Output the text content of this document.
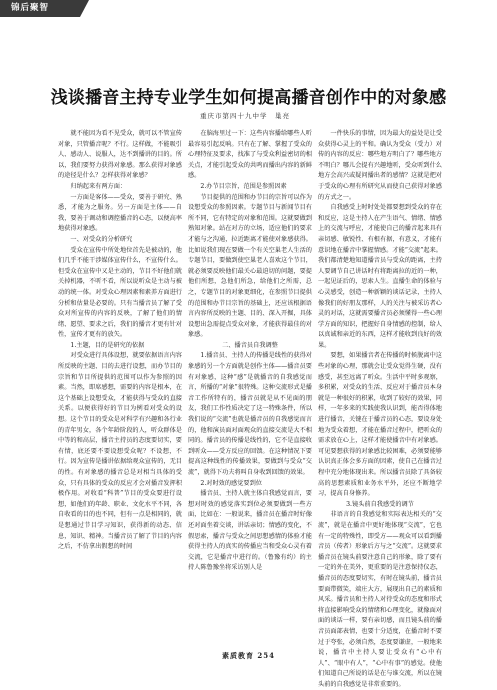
锦后聚智
浅谈播音主持专业学生如何提高播音创作中的对象感
重庆市第四十九中学　巢亮

就不能因为看不见受众，就可以不管宣传对象，只管播音呢？不行。这样做，不能吸引人、感动人、说服人，达不到播讲的目的。所以，我们要努力获得对象感。那么获得对象感的途径是什么？怎样获得对象感？

归纳起来有两方面：

一方面是客体——受众，要善于研究、熟悉，才能为之服务。另一方面是主体——自我，要善于调动和调控播音的心态，以便高率地获得对象感。

一、对受众的分析研究

受众在宣传中所处地位首先是被动的，他们几乎不能干涉媒体宣传什么，不宣传什么。但受众在宣传中又是主动的，节目不好他们就关掉机器，不听不看，所以说听众是主动与被动的统一体。对受众心理因素和素养方面进行分析和估量是必要的。只有当播音员了解了受众对所宣传的内容的反映，了解了他们的情绪、愿望、要求之后，我们的播音才更有针对性，宣传才更有的放矢。

1.主题，目的是研究的依据

对受众进行具体设想，就要依据语言内容所反映的主题、目的去进行设想，而办节目的宗旨和节目所提供的范围可以作为参照的因素。当然，即席感想，需要的内容是根本，在这个基础上设想受众，才能获得与受众的直接关系。以便获得好的节目为例看对受众的设想。这个节目的受众是对科学有兴趣和各行业的青年男女，各个年龄阶段的人，听众群体是中等的和高层，播音主持员的态度要切实，要有情，底还要不要设想受众呢？不设想，不行。因为宣传是播讲依据给观众宣传的，无目的性。有对象感的播音总是对相当具体的受众，只有具体的受众的反应才会对播音发挥积极作用。对收看“科普”节目的受众要进行设想，如他们的年龄、职业、文化水平不同，各自收看的目的也不同，但有一点是相同的，就是想通过节目学习知识，获得新的动态、信息，知识、精神。当播音员了解了节目的内容之后，不仿拿出假想的时间

在脑海里过一下：这些内容播给哪些人听最容易引起反响。只有在了解、掌握了受众的心理特征及要求，找准了与受众利益密切的相关点，才能引起受众的共鸣而播出内容的新鲜感。

2.办节目宗旨，范围是参照因素

节目提供的范围和办节目的宗旨可以作为设想受众的参照因素。专题节目与新闻节目有所不同，它有特定的对象和范围。这就要做到熟知对象。站在对方的立场，适应他们的要求才能与之沟通，拉近距离才能使对象感获得。比如说我们现在要做一个有关空巢老人生活的专题节目，要做到使空巢老人喜欢这个节目，就必须要反映他们最关心最迫切的问题，要提他们所想，急他们所急，给他们之所需，总之，专题节目的对象更细化，在参照节目提供的范围和办节目宗旨的基础上，还应该根据语言内容所反映的主题、目的、深入开掘，具体设想出急需提点受众对象，才能获得最佳的对象感。

二、播音员自我调整

1.播音员、主持人的传播是线性的获得对象感的另一个方面就是创作主体——播音员要有对象感，这种“感”是就播音的自我感觉而言，所播的“对象”很特殊。这种交流形式是播音工作所特有的，播音员就是从不见面的朋友，我们工作性质决定了这一特殊条件，所以我们说的“交流”也就是播音员的自我感觉而言的，他和演员面对面观众的直接交流是大不相同的。播音员的传播是线性的，它不是直接收到听众——受方反应的回馈。在这种情况下要提高这种线性的传播效果，要做到与受众“交流”，就得下功夫将叫自身收到回馈的效果。

2.对时效的感觉要到位

播音员、主持人就主体自我感觉而言，要想对时效的感觉落实到位必须要做到一些方面，比如在：一般说来，播音员在播音时好像还对面坐着交谈，讲话亲切；情感的变化，不假思索，播音与受众之间思想感情的体验才能获得主持人的真实的传播应当和受众心灵有着交流，它是播音中进行的。（鲁豫有约）的主持人陈鲁豫坐将采访别人是

一件快乐的事情，因为最大的益处是让受众获得心灵上的平和。确认为受众（受力）对传的内容的反应：哪些地方明白了？哪些地方不明白？哪儿会提有兴趣地听，受众听到什么地方会高兴或疑问播出者的感情？这就是把对于受众的心理有所研究从而使自己获得对象感的方式之一。

自我感受上时时处处都要想到受众的存在和反应，这是主持人在产生语气、情绪、情感上的交流与呼应，才能使自己的播音起来具有亲切感、敏锐性、有根有据，有意义，才能有意识地在播音中掌握情感。才能“交流”起来。我们都清楚地知道播音员与受众的距离，主持人要调节自己讲话时有将距离拉的近的一种，一起见证后的，思索人生。直播生命的体验与心灵感受，创造一种新颖的谈话记录，主持人像我们的好朋友那样，人的关注与被采访者心灵的对话，这就需要播音员必须懂得一些心理学方面的知识，把握好自身情感的控制，给人以真诚和亲近的东西，这样才能收到良好的效果。

要想，如果播音者在传播的时候脱离中这些对象的心理，那就会让受众觉得生硬，没有感受，甚至远离了听众。生活中平时多观察，多积累，对受众的生活、反应对于播音员本身就是一种很好的积累，收到了较好的效果，同样，一年多来的实践使我认识到，能否得体地进行播音，关键在于播音员的心态，要设身处地为受众着想，才能在播音过程中，把听众的需求放在心上，这样才能使播音中有对象感。可见要想获得的对象感比较困难，必须要能够认识真正体会多方面的因素，使自己在播音过程中充分地体现出来。所以播音员除了具备较高的思想素质和业务水平外，还应不断地学习，提高自身修养。

3.镜头前自我感受的调节

非语言的自我感觉和实际表达相关的“交流”，就是在播音中更好地体现“交流”，它也有一定的特殊性，即受方——观众可以看到播音员（传者）形象后方与之“交流”。这就要求播音员在镜头前要注意自己的形象，除了要有一定的外在美外，更重要的是注意保持仪态，播音员的态度要切实，有时在镜头前，播音员要面带微笑，端庄大方，展现出自己的素质和风采。播音员和主持人对待受众的态度和形式将直接影响受众的情绪和心理变化，就像面对面的谈话一样，要有亲切感，而且镜头前的播音员面部表情，也要十分适度，在播音时不要过于夸张，必须自然，态度要谦虚，一般地来说，播音中主持人要让受众有“心中有人”、“眼中有人”，“心中有事”的感觉。使他们知道自己所说的话是在与谁交流，所以在镜头前的自我感觉是非常重要的。

素质教育 254
